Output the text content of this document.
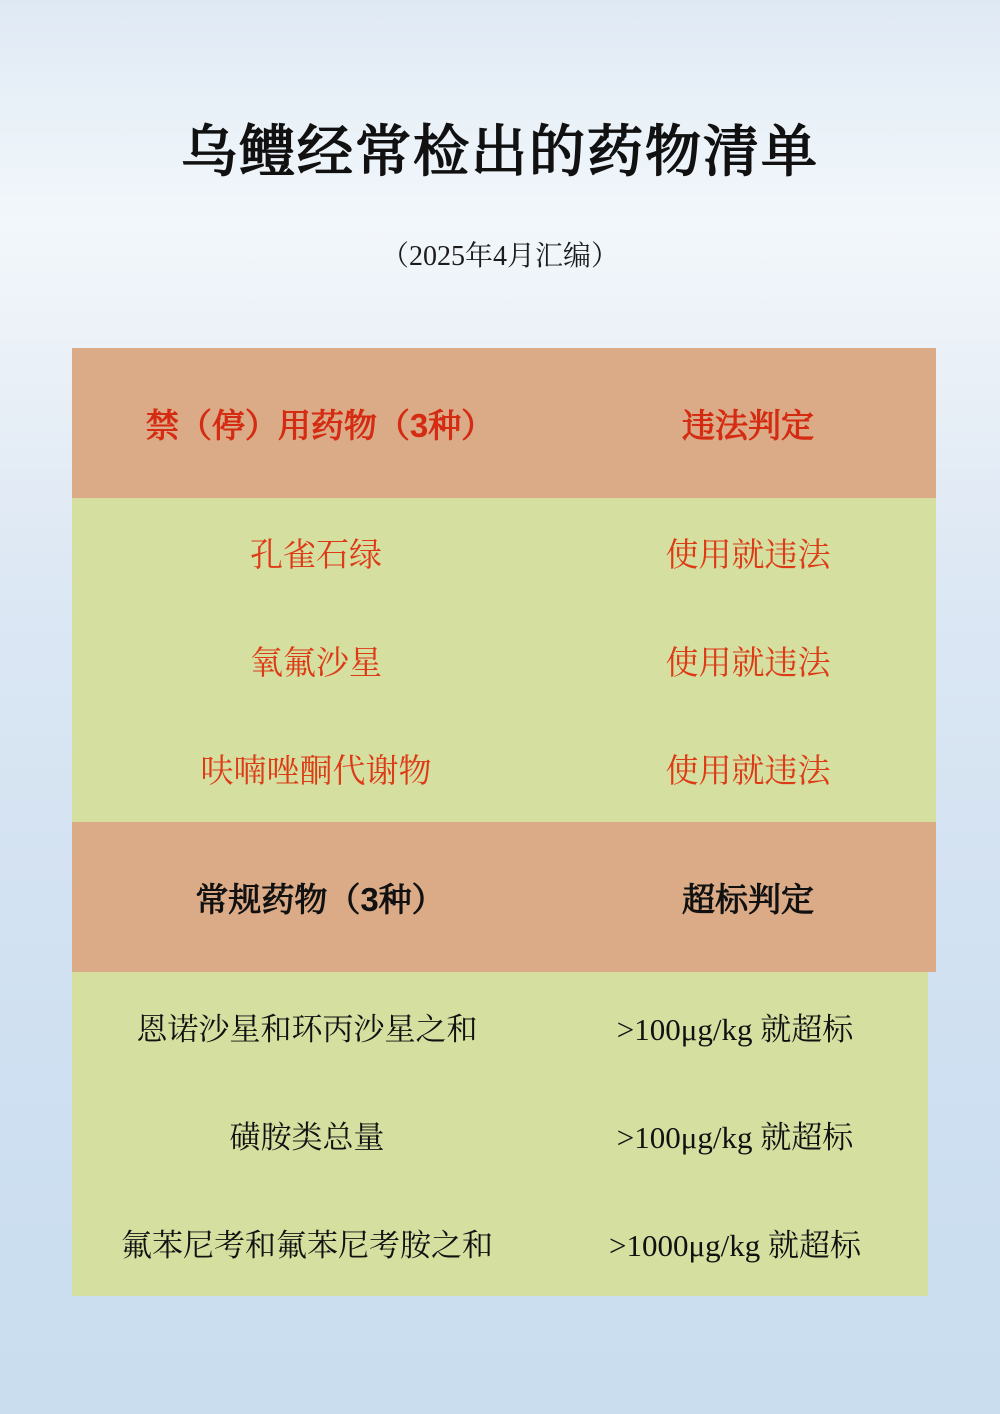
乌鳢经常检出的药物清单
（2025年4月汇编）
禁（停）用药物（3种）	违法判定
孔雀石绿	使用就违法
氧氟沙星	使用就违法
呋喃唑酮代谢物	使用就违法
常规药物（3种）	超标判定
恩诺沙星和环丙沙星之和	>100μg/kg 就超标
磺胺类总量	>100μg/kg 就超标
氟苯尼考和氟苯尼考胺之和	>1000μg/kg 就超标
